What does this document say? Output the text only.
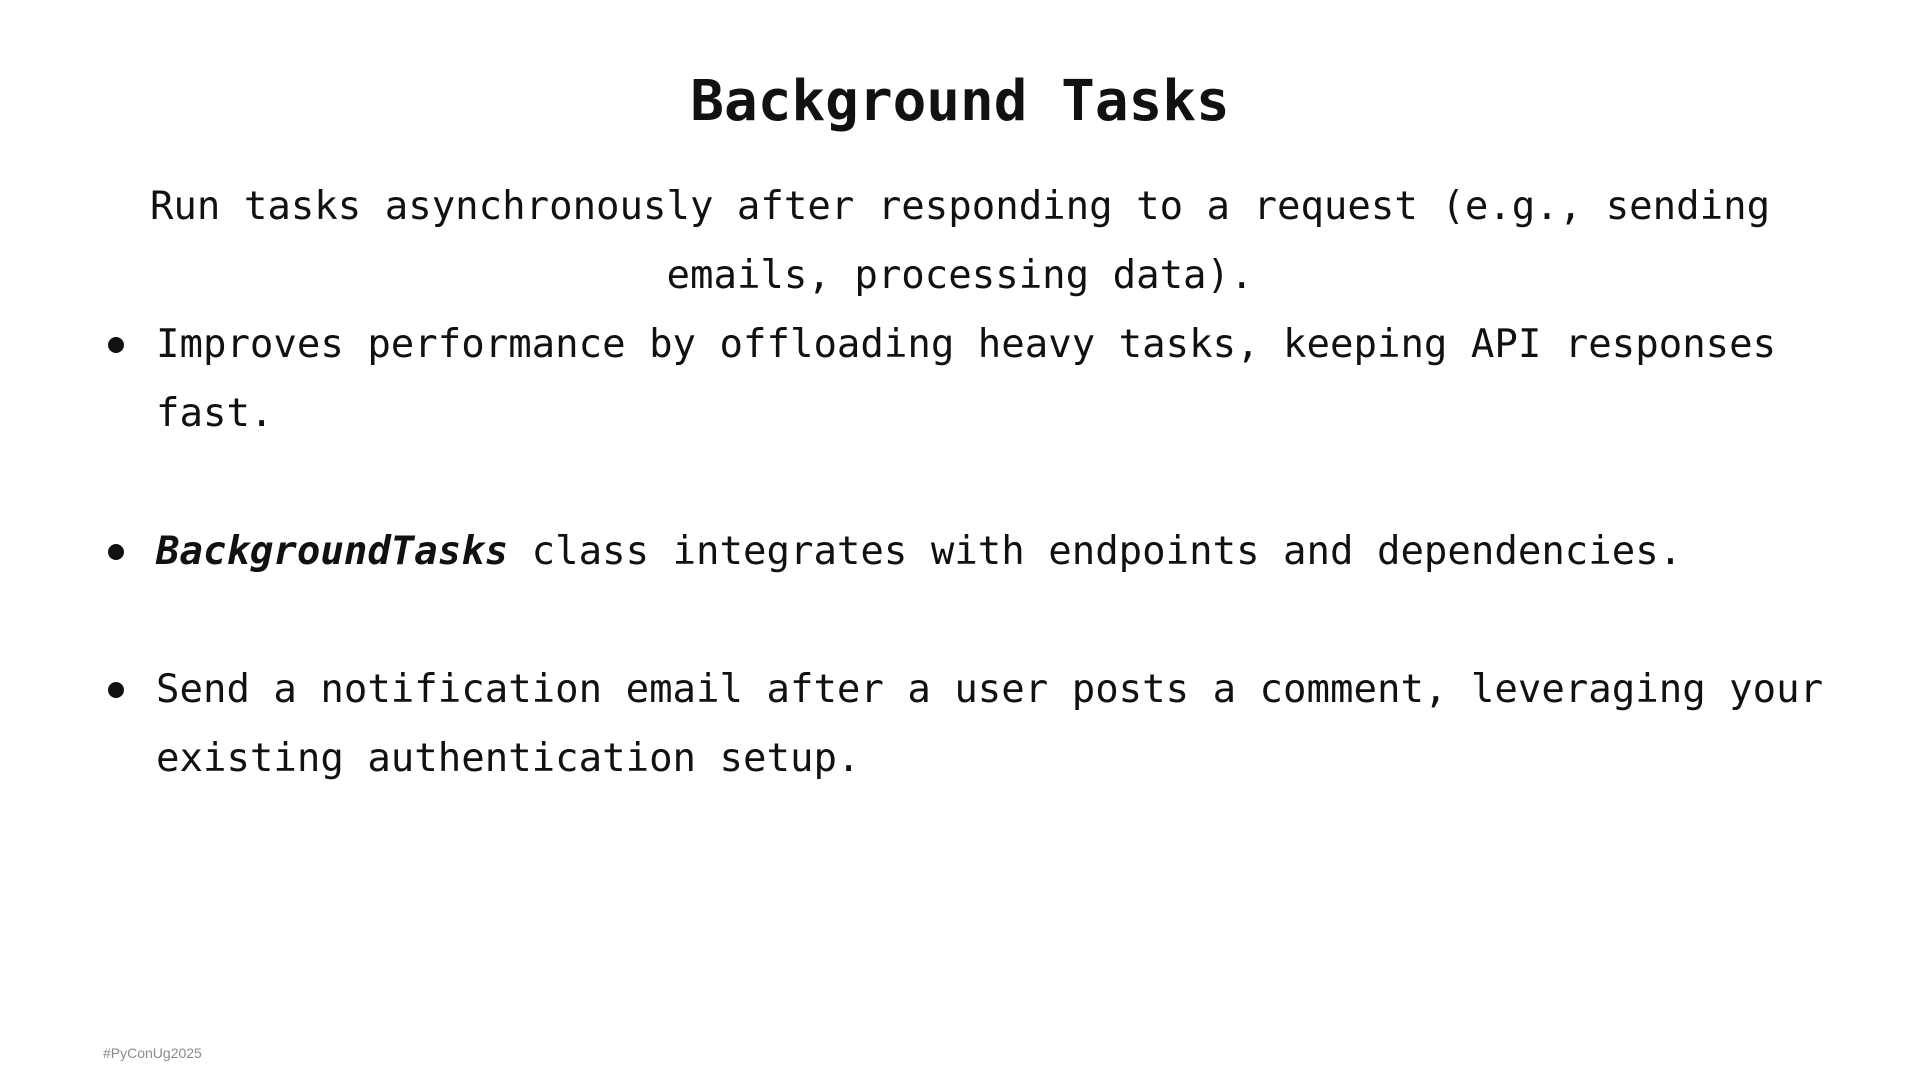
Background Tasks

Run tasks asynchronously after responding to a request (e.g., sending emails, processing data).

Improves performance by offloading heavy tasks, keeping API responses fast.
BackgroundTasks class integrates with endpoints and dependencies.
Send a notification email after a user posts a comment, leveraging your existing authentication setup.
#PyConUg2025
